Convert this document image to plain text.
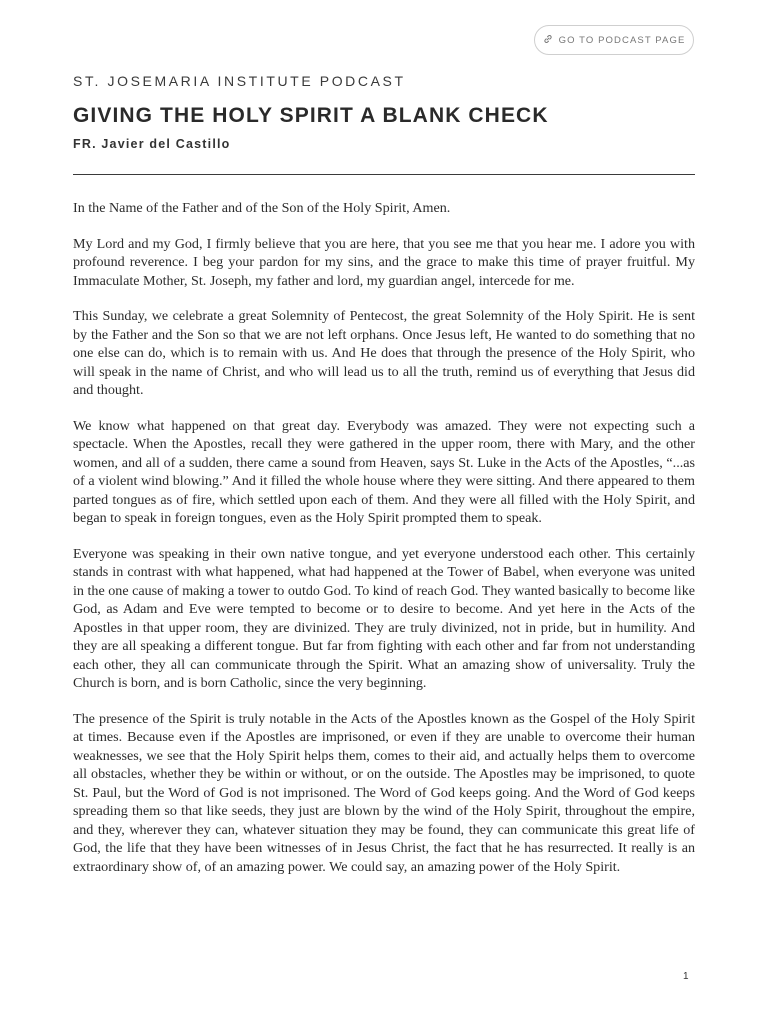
GO TO PODCAST PAGE
ST. JOSEMARIA INSTITUTE PODCAST
GIVING THE HOLY SPIRIT A BLANK CHECK
FR. Javier del Castillo

In the Name of the Father and of the Son of the Holy Spirit, Amen.

My Lord and my God, I firmly believe that you are here, that you see me that you hear me. I adore you with profound reverence. I beg your pardon for my sins, and the grace to make this time of prayer fruitful. My Immaculate Mother, St. Joseph, my father and lord, my guardian angel, intercede for me.

This Sunday, we celebrate a great Solemnity of Pentecost, the great Solemnity of the Holy Spirit. He is sent by the Father and the Son so that we are not left orphans. Once Jesus left, He wanted to do something that no one else can do, which is to remain with us. And He does that through the presence of the Holy Spirit, who will speak in the name of Christ, and who will lead us to all the truth, remind us of everything that Jesus did and thought.

We know what happened on that great day. Everybody was amazed. They were not expecting such a spectacle. When the Apostles, recall they were gathered in the upper room, there with Mary, and the other women, and all of a sudden, there came a sound from Heaven, says St. Luke in the Acts of the Apostles, “...as of a violent wind blowing.” And it filled the whole house where they were sitting. And there appeared to them parted tongues as of fire, which settled upon each of them. And they were all filled with the Holy Spirit, and began to speak in foreign tongues, even as the Holy Spirit prompted them to speak.

Everyone was speaking in their own native tongue, and yet everyone understood each other. This certainly stands in contrast with what happened, what had happened at the Tower of Babel, when everyone was united in the one cause of making a tower to outdo God. To kind of reach God. They wanted basically to become like God, as Adam and Eve were tempted to become or to desire to become. And yet here in the Acts of the Apostles in that upper room, they are divinized. They are truly divinized, not in pride, but in humility. And they are all speaking a different tongue. But far from fighting with each other and far from not understanding each other, they all can communicate through the Spirit. What an amazing show of universality. Truly the Church is born, and is born Catholic, since the very beginning.

The presence of the Spirit is truly notable in the Acts of the Apostles known as the Gospel of the Holy Spirit at times. Because even if the Apostles are imprisoned, or even if they are unable to overcome their human weaknesses, we see that the Holy Spirit helps them, comes to their aid, and actually helps them to overcome all obstacles, whether they be within or without, or on the outside. The Apostles may be imprisoned, to quote St. Paul, but the Word of God is not imprisoned. The Word of God keeps going. And the Word of God keeps spreading them so that like seeds, they just are blown by the wind of the Holy Spirit, throughout the empire, and they, wherever they can, whatever situation they may be found, they can communicate this great life of God, the life that they have been witnesses of in Jesus Christ, the fact that he has resurrected. It really is an extraordinary show of, of an amazing power. We could say, an amazing power of the Holy Spirit.

1
